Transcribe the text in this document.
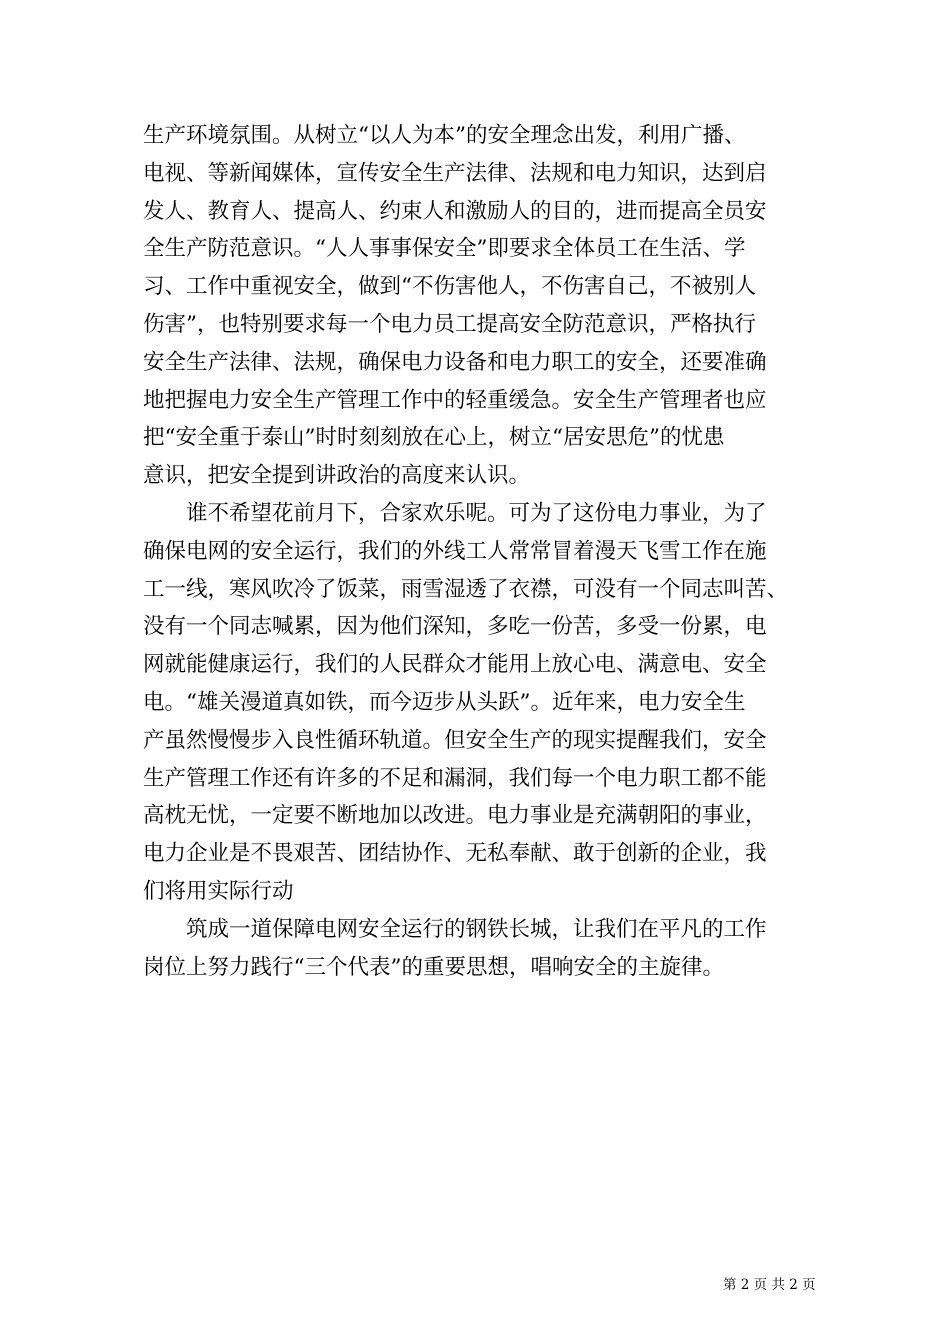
生产环境氛围。从树立“以人为本”的安全理念出发，利用广播、
电视、等新闻媒体，宣传安全生产法律、法规和电力知识，达到启
发人、教育人、提高人、约束人和激励人的目的，进而提高全员安
全生产防范意识。“人人事事保安全”即要求全体员工在生活、学
习、工作中重视安全，做到“不伤害他人，不伤害自己，不被别人
伤害”，也特别要求每一个电力员工提高安全防范意识，严格执行
安全生产法律、法规，确保电力设备和电力职工的安全，还要准确
地把握电力安全生产管理工作中的轻重缓急。安全生产管理者也应
把“安全重于泰山”时时刻刻放在心上，树立“居安思危”的忧患
意识，把安全提到讲政治的高度来认识。
谁不希望花前月下，合家欢乐呢。可为了这份电力事业，为了
确保电网的安全运行，我们的外线工人常常冒着漫天飞雪工作在施
工一线，寒风吹冷了饭菜，雨雪湿透了衣襟，可没有一个同志叫苦、
没有一个同志喊累，因为他们深知，多吃一份苦，多受一份累，电
网就能健康运行，我们的人民群众才能用上放心电、满意电、安全
电。“雄关漫道真如铁，而今迈步从头跃”。近年来，电力安全生
产虽然慢慢步入良性循环轨道。但安全生产的现实提醒我们，安全
生产管理工作还有许多的不足和漏洞，我们每一个电力职工都不能
高枕无忧，一定要不断地加以改进。电力事业是充满朝阳的事业，
电力企业是不畏艰苦、团结协作、无私奉献、敢于创新的企业，我
们将用实际行动
筑成一道保障电网安全运行的钢铁长城，让我们在平凡的工作
岗位上努力践行“三个代表”的重要思想，唱响安全的主旋律。
第 2 页 共 2 页
